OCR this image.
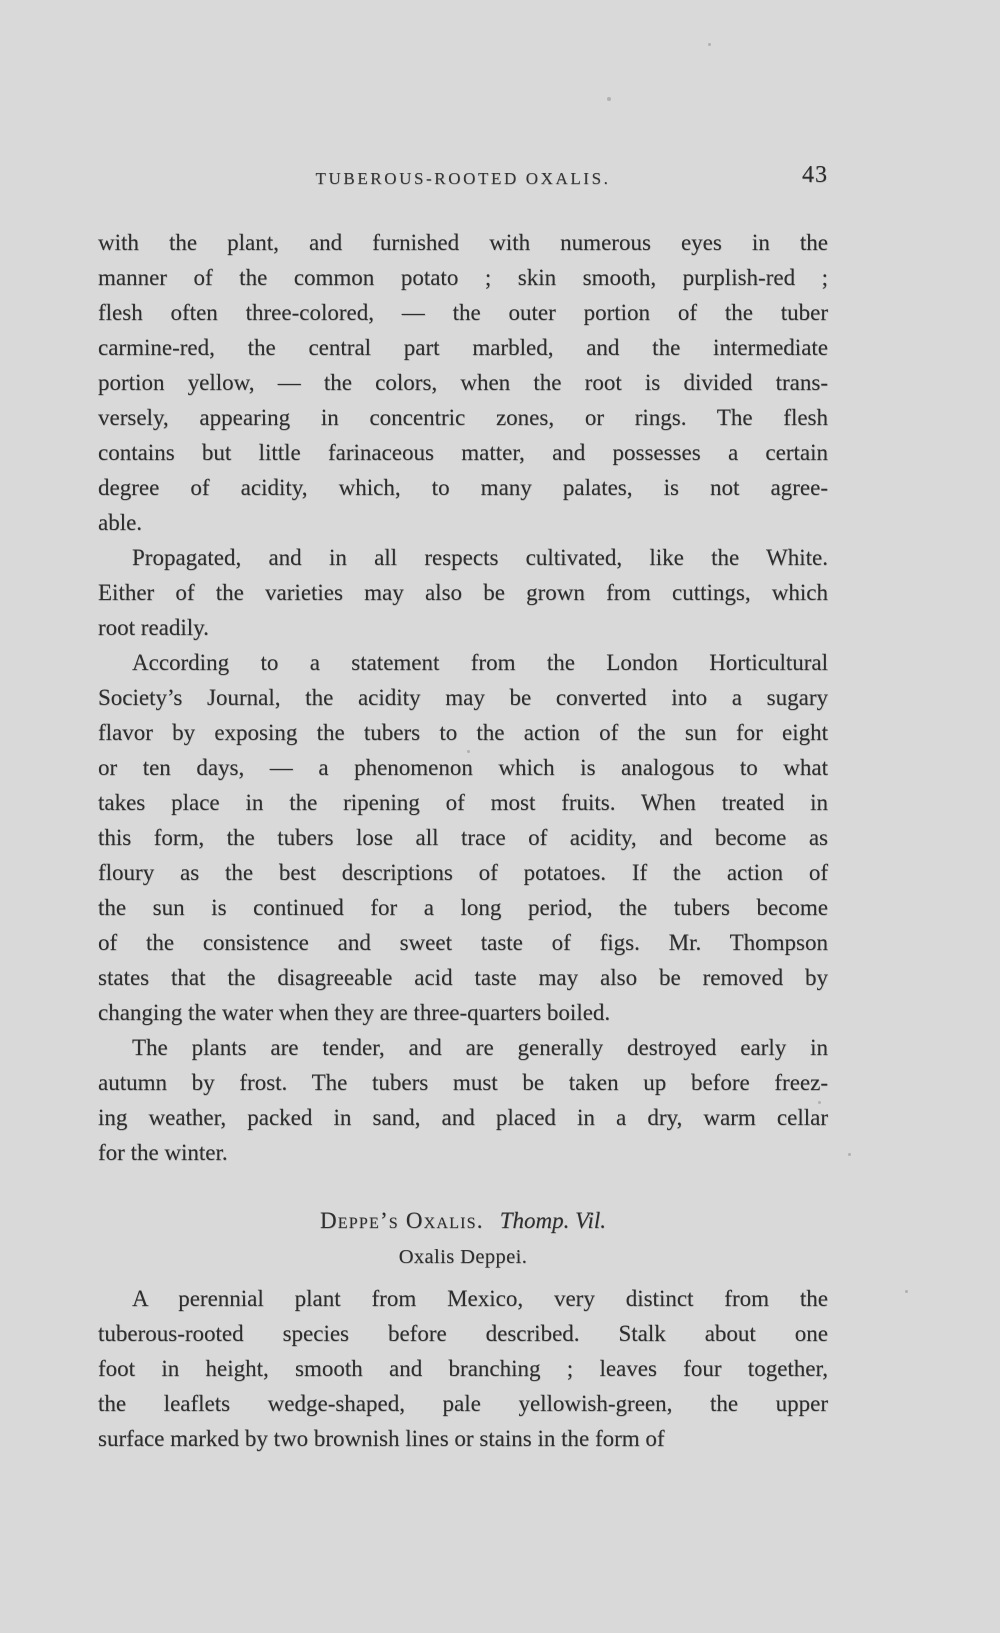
TUBEROUS-ROOTED OXALIS.	43
with the plant, and furnished with numerous eyes in the
manner of the common potato ; skin smooth, purplish-red ;
flesh often three-colored, — the outer portion of the tuber
carmine-red, the central part marbled, and the intermediate
portion yellow, — the colors, when the root is divided trans-
versely, appearing in concentric zones, or rings. The flesh
contains but little farinaceous matter, and possesses a certain
degree of acidity, which, to many palates, is not agree-
able.
Propagated, and in all respects cultivated, like the White.
Either of the varieties may also be grown from cuttings, which
root readily.
According to a statement from the London Horticultural
Society’s Journal, the acidity may be converted into a sugary
flavor by exposing the tubers to the action of the sun for eight
or ten days, — a phenomenon which is analogous to what
takes place in the ripening of most fruits. When treated in
this form, the tubers lose all trace of acidity, and become as
floury as the best descriptions of potatoes. If the action of
the sun is continued for a long period, the tubers become
of the consistence and sweet taste of figs. Mr. Thompson
states that the disagreeable acid taste may also be removed by
changing the water when they are three-quarters boiled.
The plants are tender, and are generally destroyed early in
autumn by frost. The tubers must be taken up before freez-
ing weather, packed in sand, and placed in a dry, warm cellar
for the winter.
Deppe’s Oxalis. Thomp. Vil.
Oxalis Deppei.
A perennial plant from Mexico, very distinct from the
tuberous-rooted species before described. Stalk about one
foot in height, smooth and branching ; leaves four together,
the leaflets wedge-shaped, pale yellowish-green, the upper
surface marked by two brownish lines or stains in the form of
